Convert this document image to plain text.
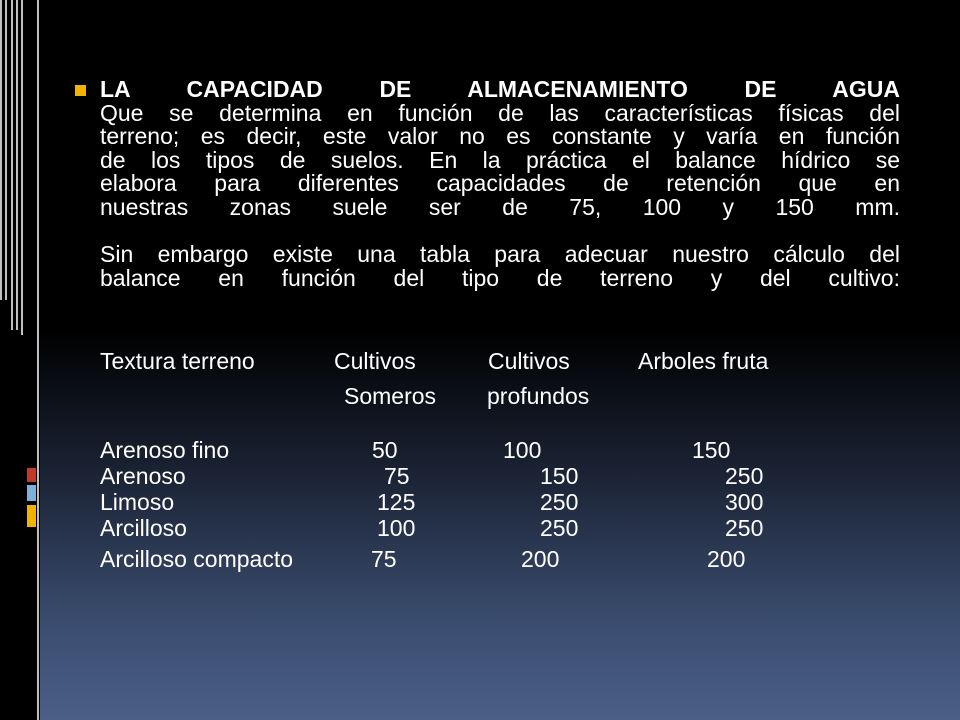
LA CAPACIDAD DE ALMACENAMIENTO DE AGUA

Que se determina en función de las características físicas del

terreno; es decir, este valor no es constante y varía en función

de los tipos de suelos. En la práctica el balance hídrico se

elabora para diferentes capacidades de retención que en

nuestras zonas suele ser de 75, 100 y 150 mm.

Sin embargo existe una tabla para adecuar nuestro cálculo del

balance en función del tipo de terreno y del cultivo:

Textura terreno	Cultivos	Cultivos	Arboles fruta
Someros profundos
Arenoso fino	50	100	150
Arenoso	75	150	250
Limoso	125	250	300
Arcilloso	100	250	250
Arcilloso compacto	75	200	200
